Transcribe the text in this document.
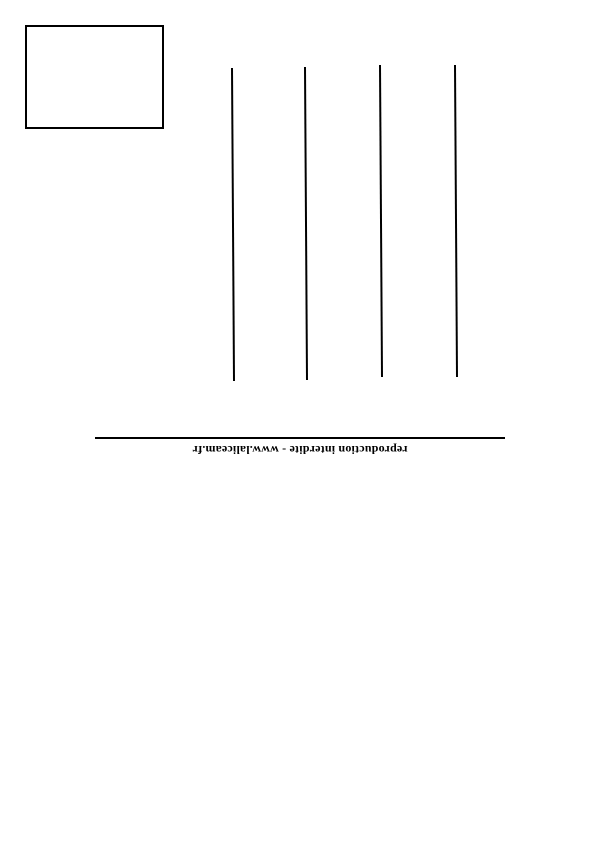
reproduction interdite - www.laliceam.fr
